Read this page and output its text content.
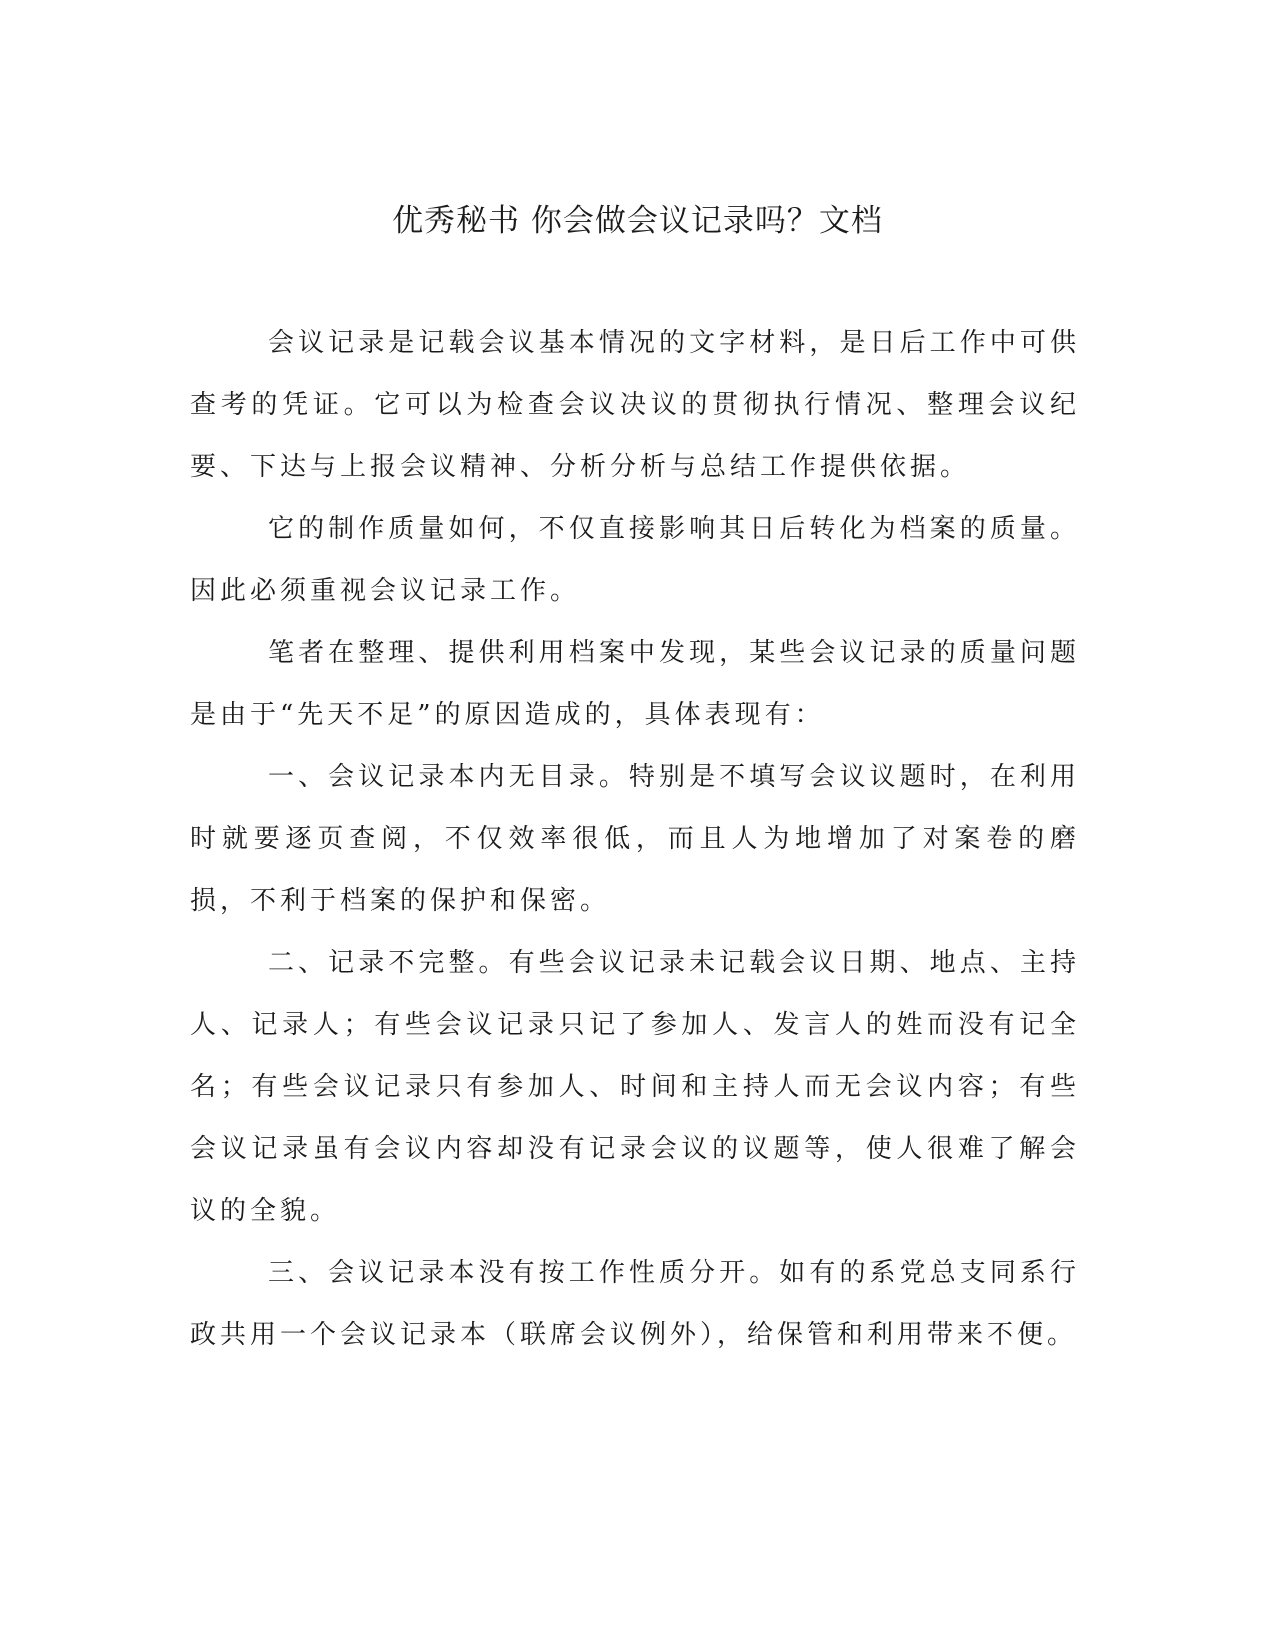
优秀秘书 你会做会议记录吗？文档

会议记录是记载会议基本情况的文字材料，是日后工作中可供查考的凭证。它可以为检查会议决议的贯彻执行情况、整理会议纪要、下达与上报会议精神、分析分析与总结工作提供依据。

它的制作质量如何，不仅直接影响其日后转化为档案的质量。因此必须重视会议记录工作。

笔者在整理、提供利用档案中发现，某些会议记录的质量问题是由于“先天不足”的原因造成的，具体表现有：

一、会议记录本内无目录。特别是不填写会议议题时，在利用时就要逐页查阅，不仅效率很低，而且人为地增加了对案卷的磨损，不利于档案的保护和保密。

二、记录不完整。有些会议记录未记载会议日期、地点、主持人、记录人；有些会议记录只记了参加人、发言人的姓而没有记全名；有些会议记录只有参加人、时间和主持人而无会议内容；有些会议记录虽有会议内容却没有记录会议的议题等，使人很难了解会议的全貌。

三、会议记录本没有按工作性质分开。如有的系党总支同系行政共用一个会议记录本（联席会议例外），给保管和利用带来不便。
